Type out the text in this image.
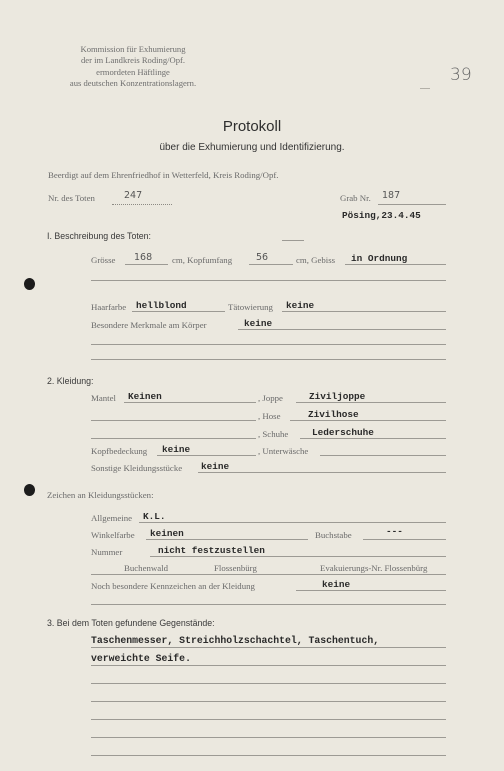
Kommission für Exhumierung
der im Landkreis Roding/Opf.
ermordeten Häftlinge
aus deutschen Konzentrationslagern.	39
Protokoll
über die Exhumierung und Identifizierung.
Beerdigt auf dem Ehrenfriedhof in Wetterfeld, Kreis Roding/Opf.
Nr. des Toten	247	Grab Nr. 187
Pösing,23.4.45
I. Beschreibung des Toten:
Grösse 168 cm, Kopfumfang	56	cm, Gebiss in Ordnung
Haarfarbe hellblond	Tätowierung keine
Besondere Merkmale am Körper	keine
2. Kleidung:
Mantel Keinen	, Joppe	Ziviljoppe
, Hose	Zivilhose
, Schuhe	Lederschuhe
Kopfbedeckung keine	, Unterwäsche
Sonstige Kleidungsstücke keine
Zeichen an Kleidungsstücken:
Allgemeine K.L.
Winkelfarbe keinen	Buchstabe	---
Nummer	nicht festzustellen
Buchenwald	Flossenbürg	Evakuierungs-Nr. Flossenbürg
Noch besondere Kennzeichen an der Kleidung	keine
3. Bei dem Toten gefundene Gegenstände:
Taschenmesser, Streichholzschachtel, Taschentuch,
verweichte Seife.
